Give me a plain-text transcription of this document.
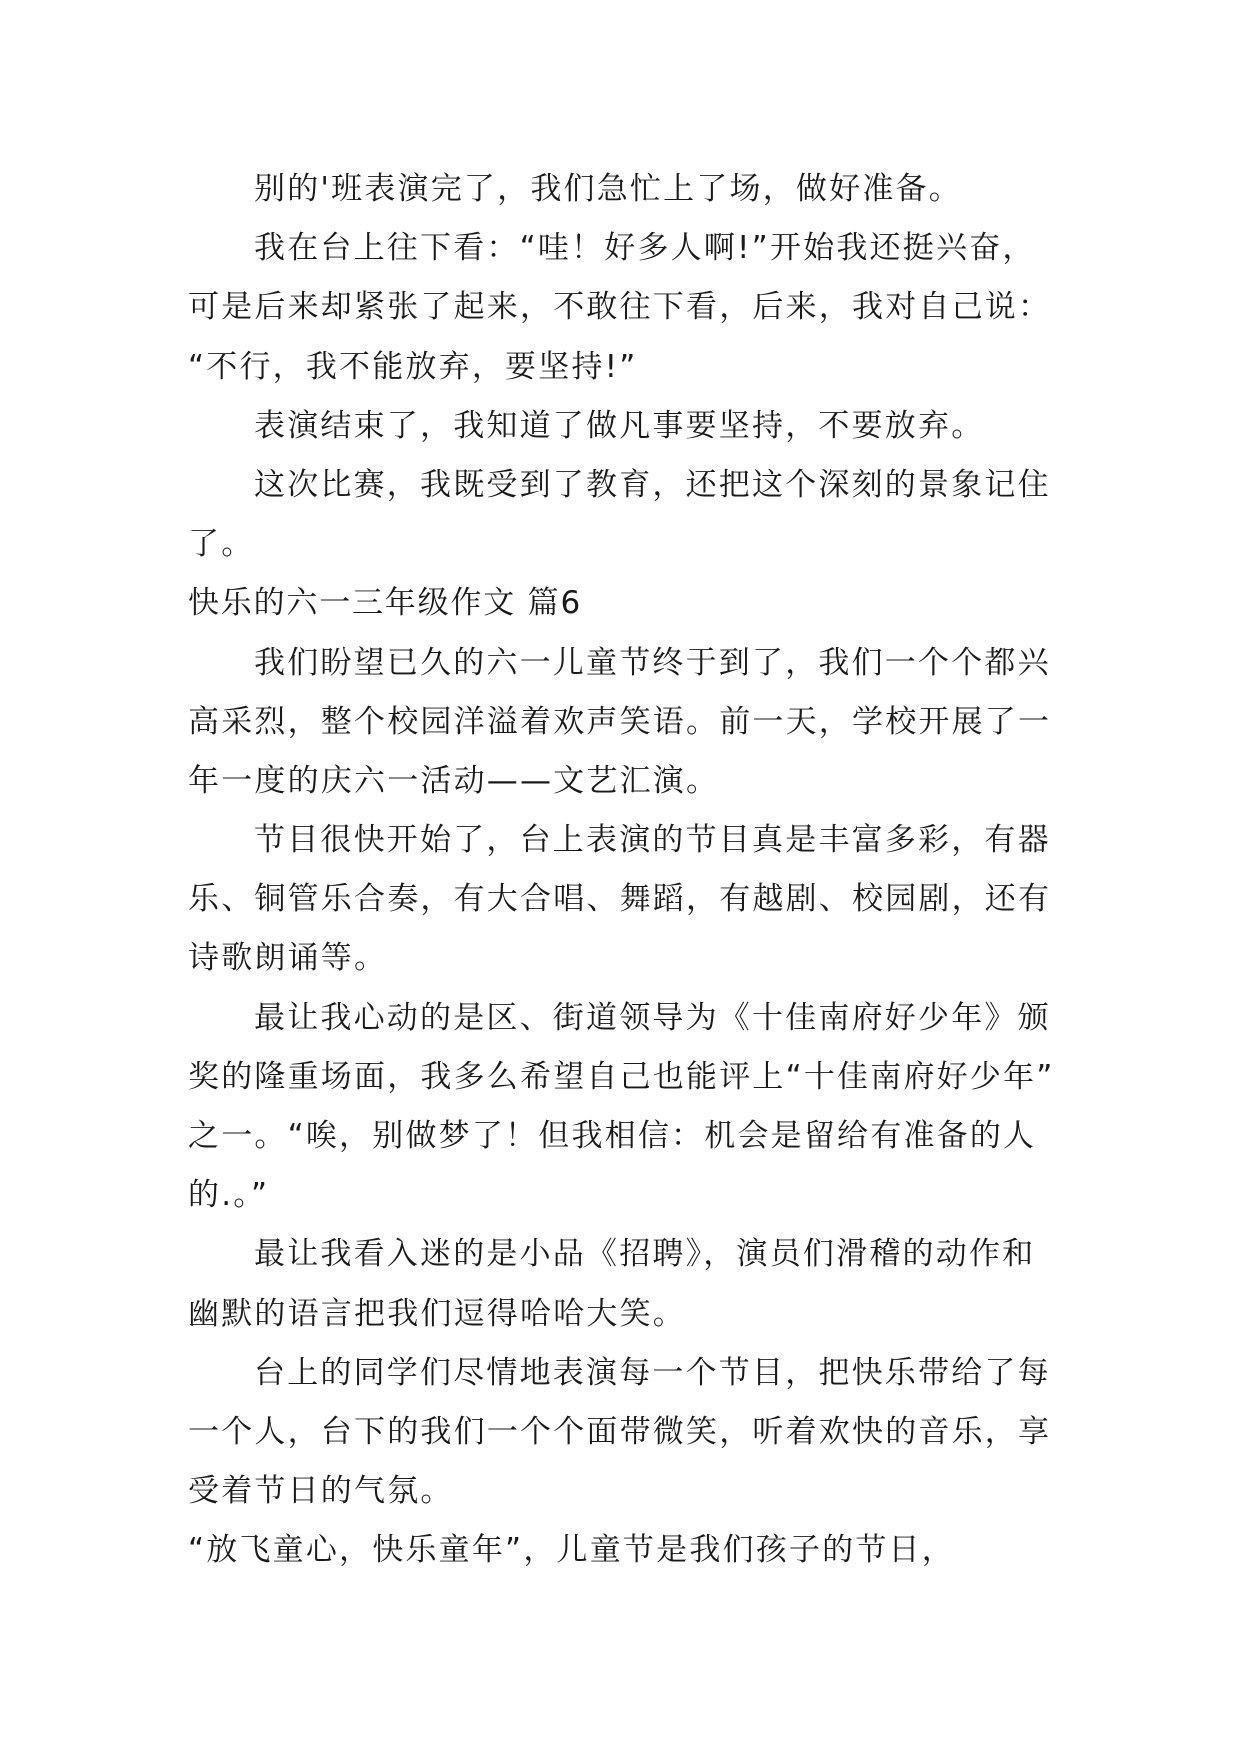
别的'班表演完了，我们急忙上了场，做好准备。
我在台上往下看：“哇！好多人啊!”开始我还挺兴奋，
可是后来却紧张了起来，不敢往下看，后来，我对自己说：
“不行，我不能放弃，要坚持!”
表演结束了，我知道了做凡事要坚持，不要放弃。
这次比赛，我既受到了教育，还把这个深刻的景象记住
了。
快乐的六一三年级作文 篇6
我们盼望已久的六一儿童节终于到了，我们一个个都兴
高采烈，整个校园洋溢着欢声笑语。前一天，学校开展了一
年一度的庆六一活动——文艺汇演。
节目很快开始了，台上表演的节目真是丰富多彩，有器
乐、铜管乐合奏，有大合唱、舞蹈，有越剧、校园剧，还有
诗歌朗诵等。
最让我心动的是区、街道领导为《十佳南府好少年》颁
奖的隆重场面，我多么希望自己也能评上“十佳南府好少年”
之一。“唉，别做梦了！但我相信：机会是留给有准备的人
的.。”
最让我看入迷的是小品《招聘》，演员们滑稽的动作和
幽默的语言把我们逗得哈哈大笑。
台上的同学们尽情地表演每一个节目，把快乐带给了每
一个人，台下的我们一个个面带微笑，听着欢快的音乐，享
受着节日的气氛。
“放飞童心，快乐童年”，儿童节是我们孩子的节日，
